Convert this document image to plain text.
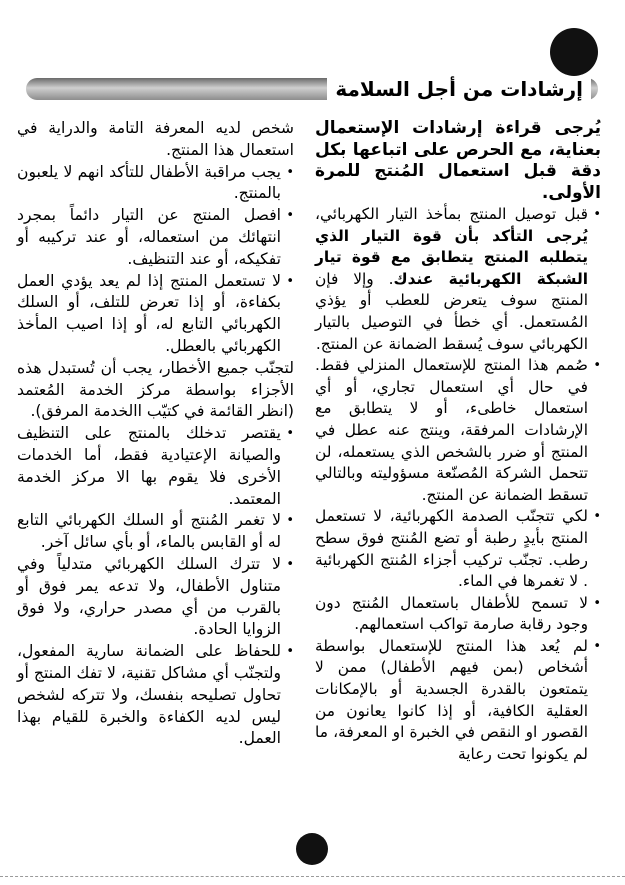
إرشادات من أجل السلامة

يُرجى قراءة إرشادات الإستعمال بعناية، مع الحرص على اتباعها بكل دقة قبل استعمال المُنتج للمرة الأولى.

•
قبل توصيل المنتج بمأخذ التيار الكهربائي، يُرجى التأكد بأن قوة التيار الذي يتطلبه المنتج يتطابق مع قوة تيار الشبكة الكهربائية عندك. وإلا فإن المنتج سوف يتعرض للعطب أو يؤذي المُستعمل. أي خطأ في التوصيل بالتيار الكهربائي سوف يُسقط الضمانة عن المنتج.
•
صُمم هذا المنتج للإستعمال المنزلي فقط. في حال أي استعمال تجاري، أو أي استعمال خاطىء، أو لا يتطابق مع الإرشادات المرفقة، وينتج عنه عطل في المنتج أو ضرر بالشخص الذي يستعمله، لن تتحمل الشركة المُصنّعة مسؤوليته وبالتالي تسقط الضمانة عن المنتج.
•
لكي تتجنّب الصدمة الكهربائية، لا تستعمل المنتج بأيدٍ رطبة أو تضع المُنتج فوق سطح رطب. تجنّب تركيب أجزاء المُنتج الكهربائية . لا تغمرها في الماء.
•
لا تسمح للأطفال باستعمال المُنتج دون وجود رقابة صارمة تواكب استعمالهم.
•
لم يُعد هذا المنتج للإستعمال بواسطة أشخاص (بمن فيهم الأطفال) ممن لا يتمتعون بالقدرة الجسدية أو بالإمكانات العقلية الكافية، أو إذا كانوا يعانون من القصور او النقص في الخبرة او المعرفة، ما لم يكونوا تحت رعاية

شخص لديه المعرفة التامة والدراية في استعمال هذا المنتج.

•
يجب مراقبة الأطفال للتأكد انهم لا يلعبون بالمنتج.
•
افصل المنتج عن التيار دائماً بمجرد انتهائك من استعماله، أو عند تركيبه أو تفكيكه، أو عند التنظيف.
•
لا تستعمل المنتج إذا لم يعد يؤدي العمل بكفاءة، أو إذا تعرض للتلف، أو السلك الكهربائي التابع له، أو إذا اصيب المأخذ الكهربائي بالعطل.

لتجنّب جميع الأخطار، يجب أن تُستبدل هذه الأجزاء بواسطة مركز الخدمة المُعتمد (انظر القائمة في كتيّب االخدمة المرفق).

•
يقتصر تدخلك بالمنتج على التنظيف والصيانة الإعتيادية فقط، أما الخدمات الأخرى فلا يقوم بها الا مركز الخدمة المعتمد.
•
لا تغمر المُنتج أو السلك الكهربائي التابع له أو القابس بالماء، أو بأي سائل آخر.
•
لا تترك السلك الكهربائي متدلياً وفي متناول الأطفال، ولا تدعه يمر فوق أو بالقرب من أي مصدر حراري، ولا فوق الزوايا الحادة.
•
للحفاظ على الضمانة سارية المفعول، ولتجنّب أي مشاكل تقنية، لا تفك المنتج أو تحاول تصليحه بنفسك، ولا تتركه لشخص ليس لديه الكفاءة والخبرة للقيام بهذا العمل.
